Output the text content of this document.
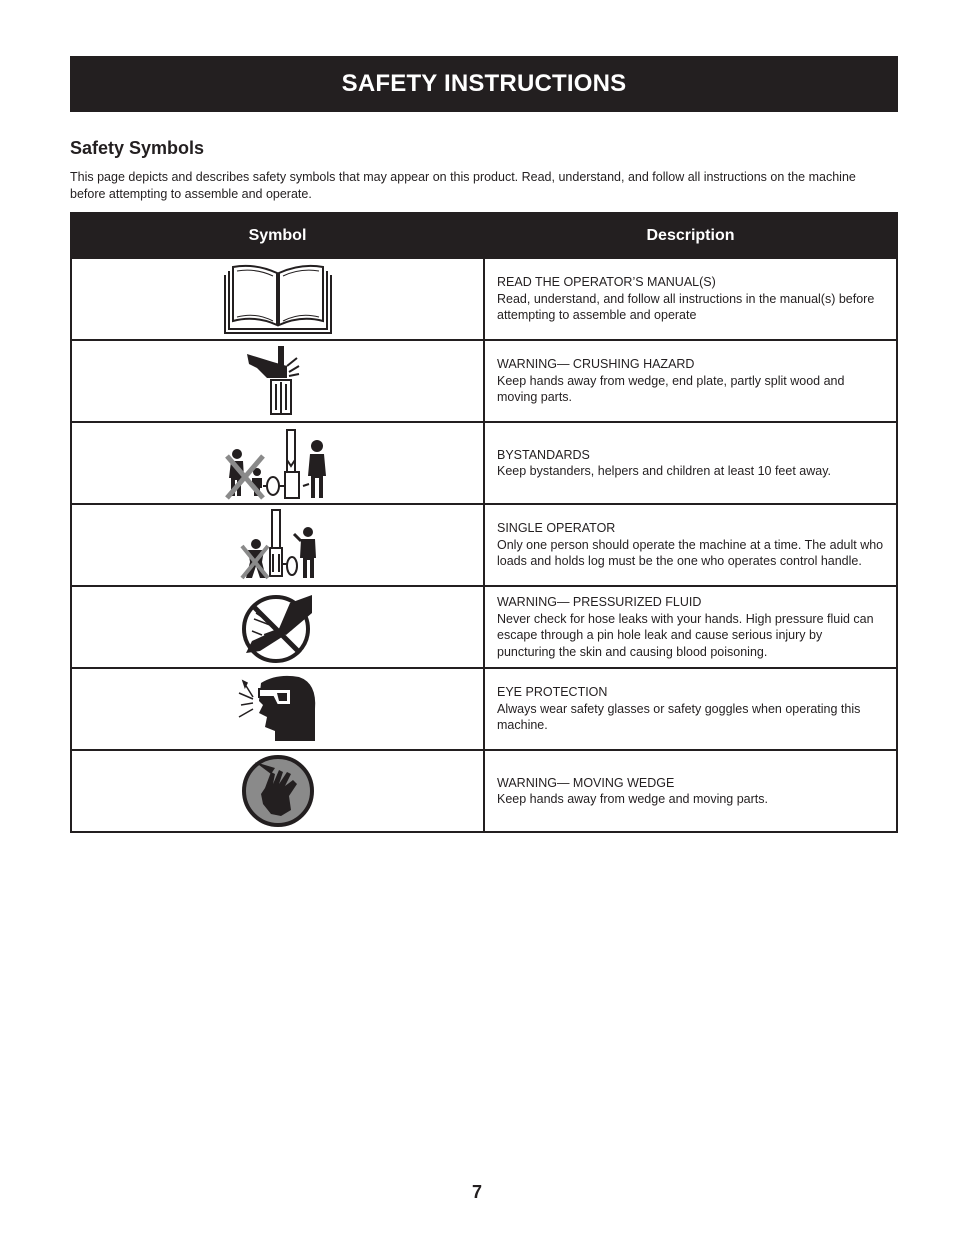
SAFETY INSTRUCTIONS
Safety Symbols

This page depicts and describes safety symbols that may appear on this product. Read, understand, and follow all instructions on the machine before attempting to assemble and operate.

Symbol	Description

READ THE OPERATOR’S MANUAL(S)
Read, understand, and follow all instructions in the manual(s) before attempting to assemble and operate

WARNING— CRUSHING HAZARD
Keep hands away from wedge, end plate, partly split wood and moving parts.

BYSTANDARDS
Keep bystanders, helpers and children at least 10 feet away.

SINGLE OPERATOR
Only one person should operate the machine at a time. The adult who loads and holds log must be the one who operates control handle.

WARNING— PRESSURIZED FLUID
Never check for hose leaks with your hands. High pressure fluid can escape through a pin hole leak and cause serious injury by puncturing the skin and causing blood poisoning.

EYE PROTECTION
Always wear safety glasses or safety goggles when operating this machine.

WARNING— MOVING WEDGE
Keep hands away from wedge and moving parts.
7
